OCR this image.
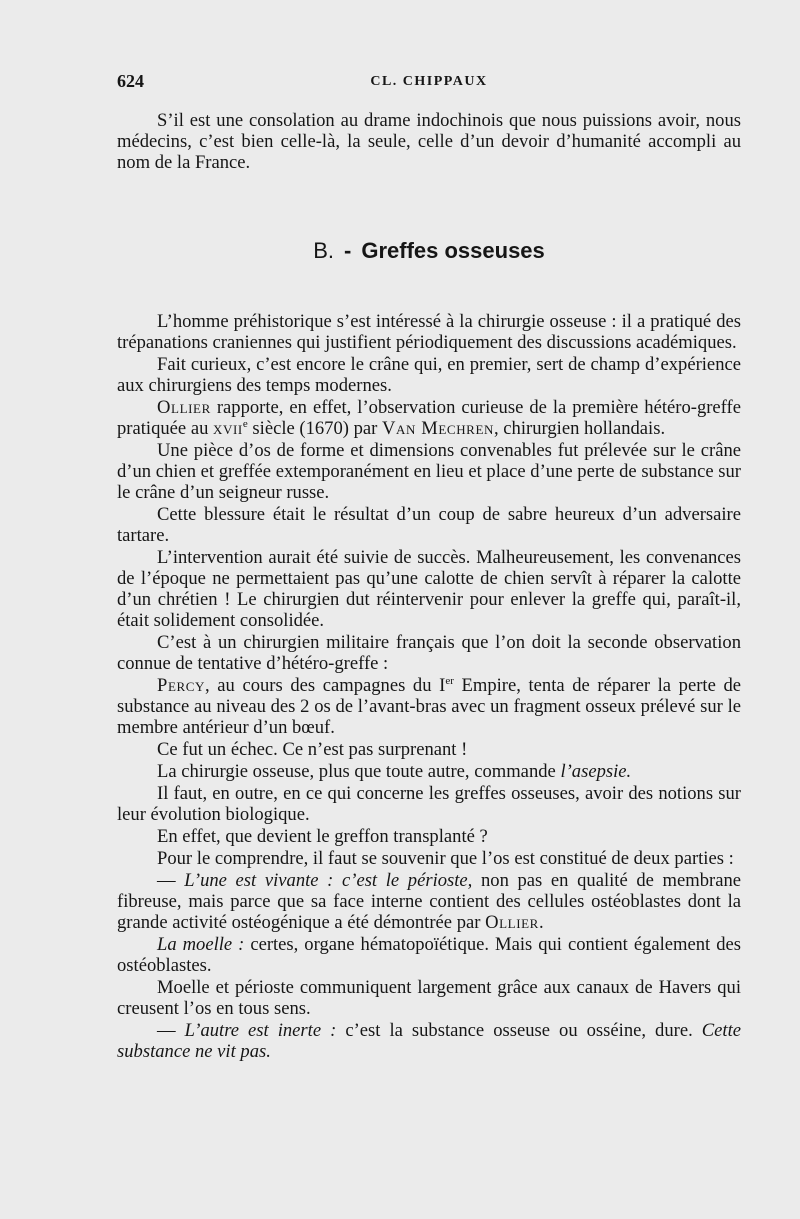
624	CL. CHIPPAUX

S’il est une consolation au drame indochinois que nous puissions avoir, nous médecins, c’est bien celle-là, la seule, celle d’un devoir d’humanité accompli au nom de la France.

B. - Greffes osseuses

L’homme préhistorique s’est intéressé à la chirurgie osseuse : il a pratiqué des trépanations craniennes qui justifient périodiquement des discussions académiques.

Fait curieux, c’est encore le crâne qui, en premier, sert de champ d’expérience aux chirurgiens des temps modernes.

Ollier rapporte, en effet, l’observation curieuse de la première hétéro-greffe pratiquée au xvii$^e$ siècle (1670) par Van Mechren, chirurgien hollandais.

Une pièce d’os de forme et dimensions convenables fut prélevée sur le crâne d’un chien et greffée extemporanément en lieu et place d’une perte de substance sur le crâne d’un seigneur russe.

Cette blessure était le résultat d’un coup de sabre heureux d’un adversaire tartare.

L’intervention aurait été suivie de succès. Malheureusement, les convenances de l’époque ne permettaient pas qu’une calotte de chien servît à réparer la calotte d’un chrétien ! Le chirurgien dut réintervenir pour enlever la greffe qui, paraît-il, était solidement consolidée.

C’est à un chirurgien militaire français que l’on doit la seconde observation connue de tentative d’hétéro-greffe :

Percy, au cours des campagnes du Ier Empire, tenta de réparer la perte de substance au niveau des 2 os de l’avant-bras avec un fragment osseux prélevé sur le membre antérieur d’un bœuf.

Ce fut un échec. Ce n’est pas surprenant !

La chirurgie osseuse, plus que toute autre, commande l’asepsie.

Il faut, en outre, en ce qui concerne les greffes osseuses, avoir des notions sur leur évolution biologique.

En effet, que devient le greffon transplanté ?

Pour le comprendre, il faut se souvenir que l’os est constitué de deux parties :

— L’une est vivante : c’est le périoste, non pas en qualité de membrane fibreuse, mais parce que sa face interne contient des cellules ostéoblastes dont la grande activité ostéogénique a été démontrée par Ollier.

La moelle : certes, organe hématopoïétique. Mais qui contient également des ostéoblastes.

Moelle et périoste communiquent largement grâce aux canaux de Havers qui creusent l’os en tous sens.

— L’autre est inerte : c’est la substance osseuse ou osséine, dure. Cette substance ne vit pas.
